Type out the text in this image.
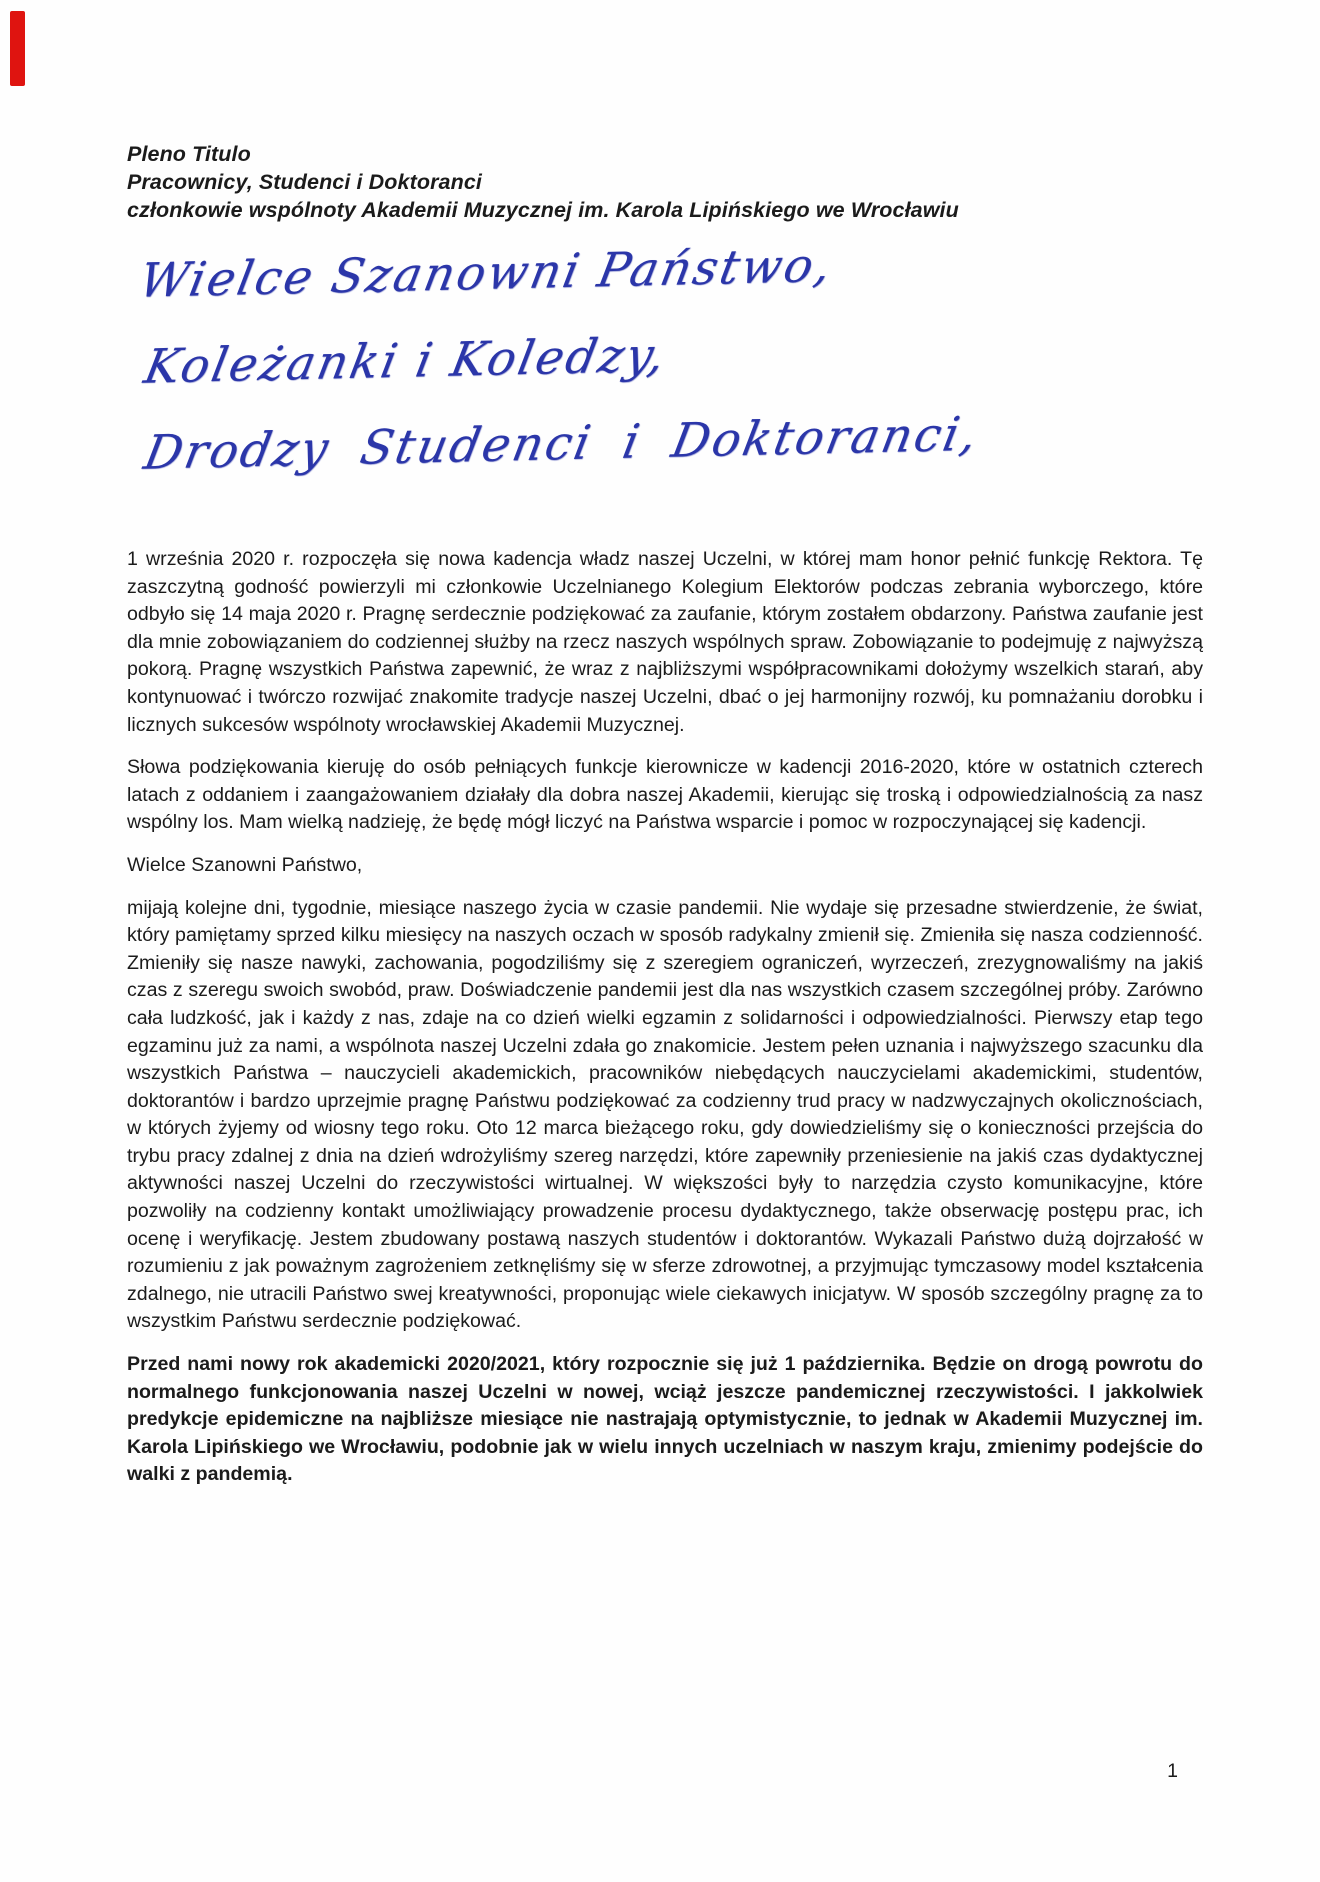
Pleno Titulo
Pracownicy, Studenci i Doktoranci
członkowie wspólnoty Akademii Muzycznej im. Karola Lipińskiego we Wrocławiu
Wielce Szanowni Państwo,
Koleżanki i Koledzy,
Drodzy Studenci i Doktoranci,

1 września 2020 r. rozpoczęła się nowa kadencja władz naszej Uczelni, w której mam honor pełnić funkcję Rektora. Tę zaszczytną godność powierzyli mi członkowie Uczelnianego Kolegium Elektorów podczas zebrania wyborczego, które odbyło się 14 maja 2020 r. Pragnę serdecznie podziękować za zaufanie, którym zostałem obdarzony. Państwa zaufanie jest dla mnie zobowiązaniem do codziennej służby na rzecz naszych wspólnych spraw. Zobowiązanie to podejmuję z najwyższą pokorą. Pragnę wszystkich Państwa zapewnić, że wraz z najbliższymi współpracownikami dołożymy wszelkich starań, aby kontynuować i twórczo rozwijać znakomite tradycje naszej Uczelni, dbać o jej harmonijny rozwój, ku pomnażaniu dorobku i licznych sukcesów wspólnoty wrocławskiej Akademii Muzycznej.

Słowa podziękowania kieruję do osób pełniących funkcje kierownicze w kadencji 2016-2020, które w ostatnich czterech latach z oddaniem i zaangażowaniem działały dla dobra naszej Akademii, kierując się troską i odpowiedzialnością za nasz wspólny los. Mam wielką nadzieję, że będę mógł liczyć na Państwa wsparcie i pomoc w rozpoczynającej się kadencji.

Wielce Szanowni Państwo,

mijają kolejne dni, tygodnie, miesiące naszego życia w czasie pandemii. Nie wydaje się przesadne stwierdzenie, że świat, który pamiętamy sprzed kilku miesięcy na naszych oczach w sposób radykalny zmienił się. Zmieniła się nasza codzienność. Zmieniły się nasze nawyki, zachowania, pogodziliśmy się z szeregiem ograniczeń, wyrzeczeń, zrezygnowaliśmy na jakiś czas z szeregu swoich swobód, praw. Doświadczenie pandemii jest dla nas wszystkich czasem szczególnej próby. Zarówno cała ludzkość, jak i każdy z nas, zdaje na co dzień wielki egzamin z solidarności i odpowiedzialności. Pierwszy etap tego egzaminu już za nami, a wspólnota naszej Uczelni zdała go znakomicie. Jestem pełen uznania i najwyższego szacunku dla wszystkich Państwa – nauczycieli akademickich, pracowników niebędących nauczycielami akademickimi, studentów, doktorantów i bardzo uprzejmie pragnę Państwu podziękować za codzienny trud pracy w nadzwyczajnych okolicznościach, w których żyjemy od wiosny tego roku. Oto 12 marca bieżącego roku, gdy dowiedzieliśmy się o konieczności przejścia do trybu pracy zdalnej z dnia na dzień wdrożyliśmy szereg narzędzi, które zapewniły przeniesienie na jakiś czas dydaktycznej aktywności naszej Uczelni do rzeczywistości wirtualnej. W większości były to narzędzia czysto komunikacyjne, które pozwoliły na codzienny kontakt umożliwiający prowadzenie procesu dydaktycznego, także obserwację postępu prac, ich ocenę i weryfikację. Jestem zbudowany postawą naszych studentów i doktorantów. Wykazali Państwo dużą dojrzałość w rozumieniu z jak poważnym zagrożeniem zetknęliśmy się w sferze zdrowotnej, a przyjmując tymczasowy model kształcenia zdalnego, nie utracili Państwo swej kreatywności, proponując wiele ciekawych inicjatyw. W sposób szczególny pragnę za to wszystkim Państwu serdecznie podziękować.

Przed nami nowy rok akademicki 2020/2021, który rozpocznie się już 1 października. Będzie on drogą powrotu do normalnego funkcjonowania naszej Uczelni w nowej, wciąż jeszcze pandemicznej rzeczywistości. I jakkolwiek predykcje epidemiczne na najbliższe miesiące nie nastrajają optymistycznie, to jednak w Akademii Muzycznej im. Karola Lipińskiego we Wrocławiu, podobnie jak w wielu innych uczelniach w naszym kraju, zmienimy podejście do walki z pandemią.

1
